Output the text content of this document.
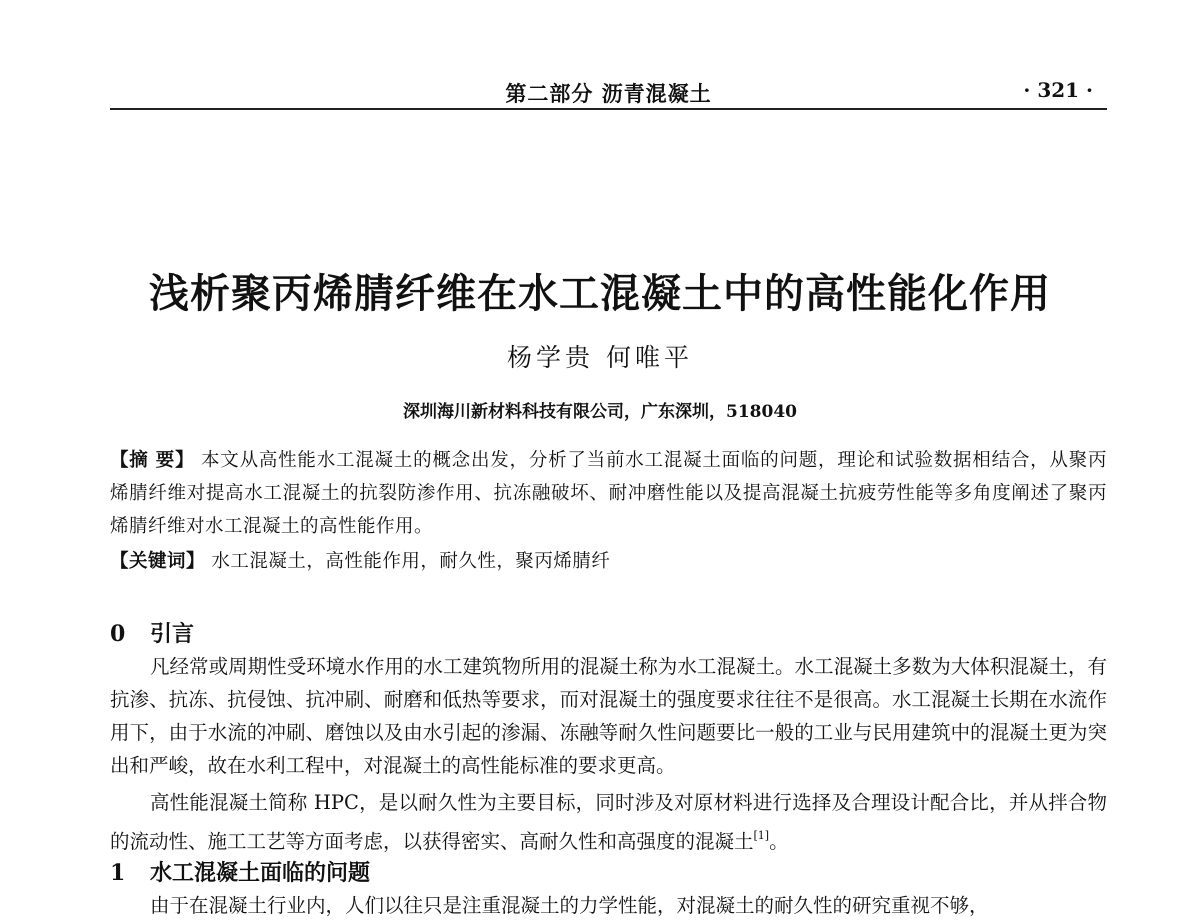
第二部分 沥青混凝土	· 321 ·
浅析聚丙烯腈纤维在水工混凝土中的高性能化作用
杨学贵 何唯平
深圳海川新材料科技有限公司，广东深圳，518040
【摘 要】 本文从高性能水工混凝土的概念出发，分析了当前水工混凝土面临的问题，理论和试验数据相结合，从聚丙烯腈纤维对提高水工混凝土的抗裂防渗作用、抗冻融破坏、耐冲磨性能以及提高混凝土抗疲劳性能等多角度阐述了聚丙烯腈纤维对水工混凝土的高性能作用。
【关键词】 水工混凝土，高性能作用，耐久性，聚丙烯腈纤
0 引言
凡经常或周期性受环境水作用的水工建筑物所用的混凝土称为水工混凝土。水工混凝土多数为大体积混凝土，有抗渗、抗冻、抗侵蚀、抗冲刷、耐磨和低热等要求，而对混凝土的强度要求往往不是很高。水工混凝土长期在水流作用下，由于水流的冲刷、磨蚀以及由水引起的渗漏、冻融等耐久性问题要比一般的工业与民用建筑中的混凝土更为突出和严峻，故在水利工程中，对混凝土的高性能标准的要求更高。
高性能混凝土简称 HPC，是以耐久性为主要目标，同时涉及对原材料进行选择及合理设计配合比，并从拌合物的流动性、施工工艺等方面考虑，以获得密实、高耐久性和高强度的混凝土[1]。
1 水工混凝土面临的问题
由于在混凝土行业内，人们以往只是注重混凝土的力学性能，对混凝土的耐久性的研究重视不够，
